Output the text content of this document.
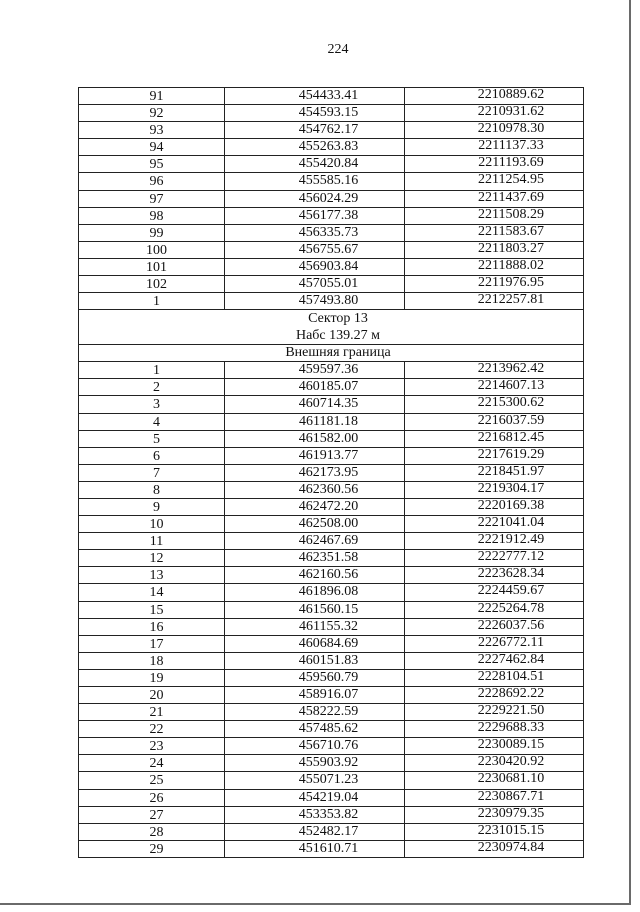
224
91	454433.41	2210889.62
92	454593.15	2210931.62
93	454762.17	2210978.30
94	455263.83	2211137.33
95	455420.84	2211193.69
96	455585.16	2211254.95
97	456024.29	2211437.69
98	456177.38	2211508.29
99	456335.73	2211583.67
100	456755.67	2211803.27
101	456903.84	2211888.02
102	457055.01	2211976.95
1	457493.80	2212257.81
Сектор 13
Набс 139.27 м
Внешняя граница
1	459597.36	2213962.42
2	460185.07	2214607.13
3	460714.35	2215300.62
4	461181.18	2216037.59
5	461582.00	2216812.45
6	461913.77	2217619.29
7	462173.95	2218451.97
8	462360.56	2219304.17
9	462472.20	2220169.38
10	462508.00	2221041.04
11	462467.69	2221912.49
12	462351.58	2222777.12
13	462160.56	2223628.34
14	461896.08	2224459.67
15	461560.15	2225264.78
16	461155.32	2226037.56
17	460684.69	2226772.11
18	460151.83	2227462.84
19	459560.79	2228104.51
20	458916.07	2228692.22
21	458222.59	2229221.50
22	457485.62	2229688.33
23	456710.76	2230089.15
24	455903.92	2230420.92
25	455071.23	2230681.10
26	454219.04	2230867.71
27	453353.82	2230979.35
28	452482.17	2231015.15
29	451610.71	2230974.84
